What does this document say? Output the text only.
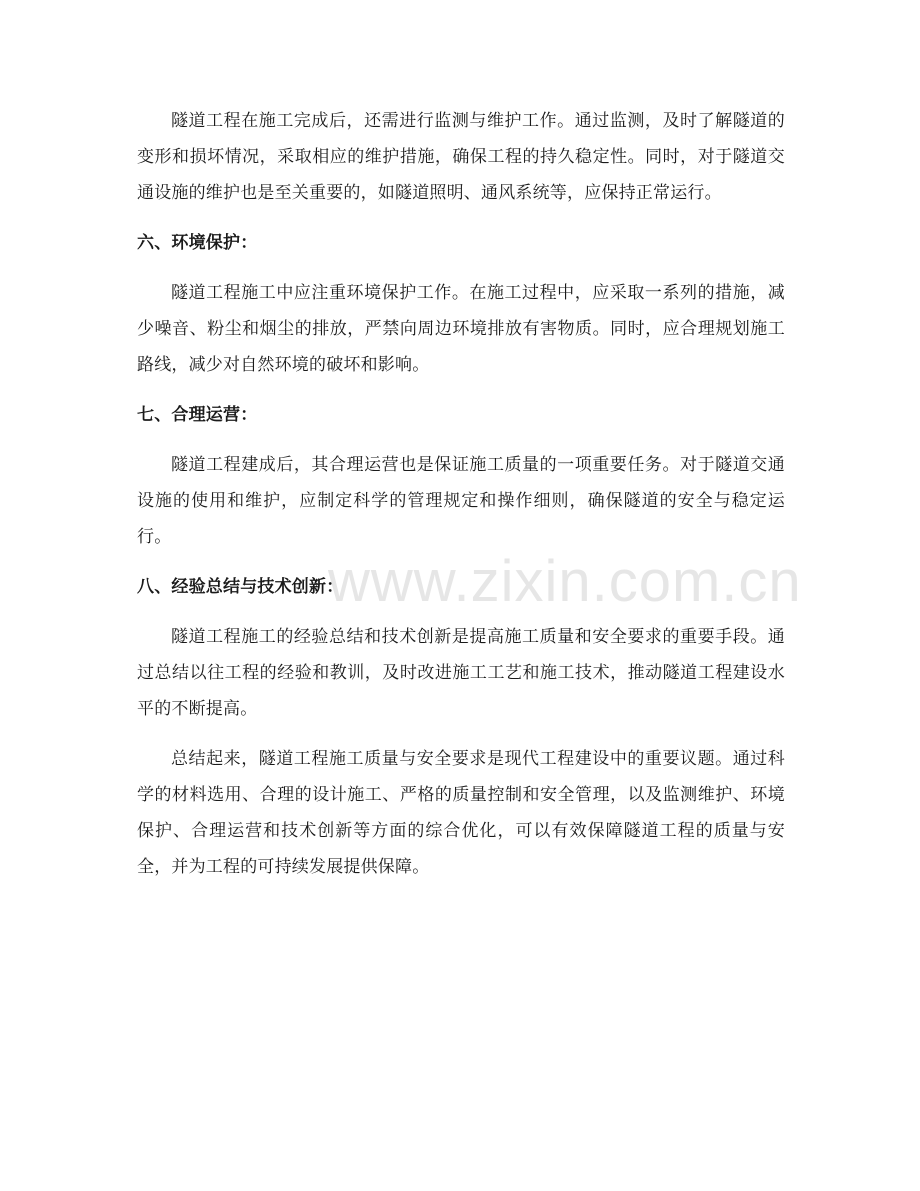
www.zixin.com.cn

隧道工程在施工完成后，还需进行监测与维护工作。通过监测，及时了解隧道的变形和损坏情况，采取相应的维护措施，确保工程的持久稳定性。同时，对于隧道交通设施的维护也是至关重要的，如隧道照明、通风系统等，应保持正常运行。

六、环境保护：

隧道工程施工中应注重环境保护工作。在施工过程中，应采取一系列的措施，减少噪音、粉尘和烟尘的排放，严禁向周边环境排放有害物质。同时，应合理规划施工路线，减少对自然环境的破坏和影响。

七、合理运营：

隧道工程建成后，其合理运营也是保证施工质量的一项重要任务。对于隧道交通设施的使用和维护，应制定科学的管理规定和操作细则，确保隧道的安全与稳定运行。

八、经验总结与技术创新：

隧道工程施工的经验总结和技术创新是提高施工质量和安全要求的重要手段。通过总结以往工程的经验和教训，及时改进施工工艺和施工技术，推动隧道工程建设水平的不断提高。

总结起来，隧道工程施工质量与安全要求是现代工程建设中的重要议题。通过科学的材料选用、合理的设计施工、严格的质量控制和安全管理，以及监测维护、环境保护、合理运营和技术创新等方面的综合优化，可以有效保障隧道工程的质量与安全，并为工程的可持续发展提供保障。
